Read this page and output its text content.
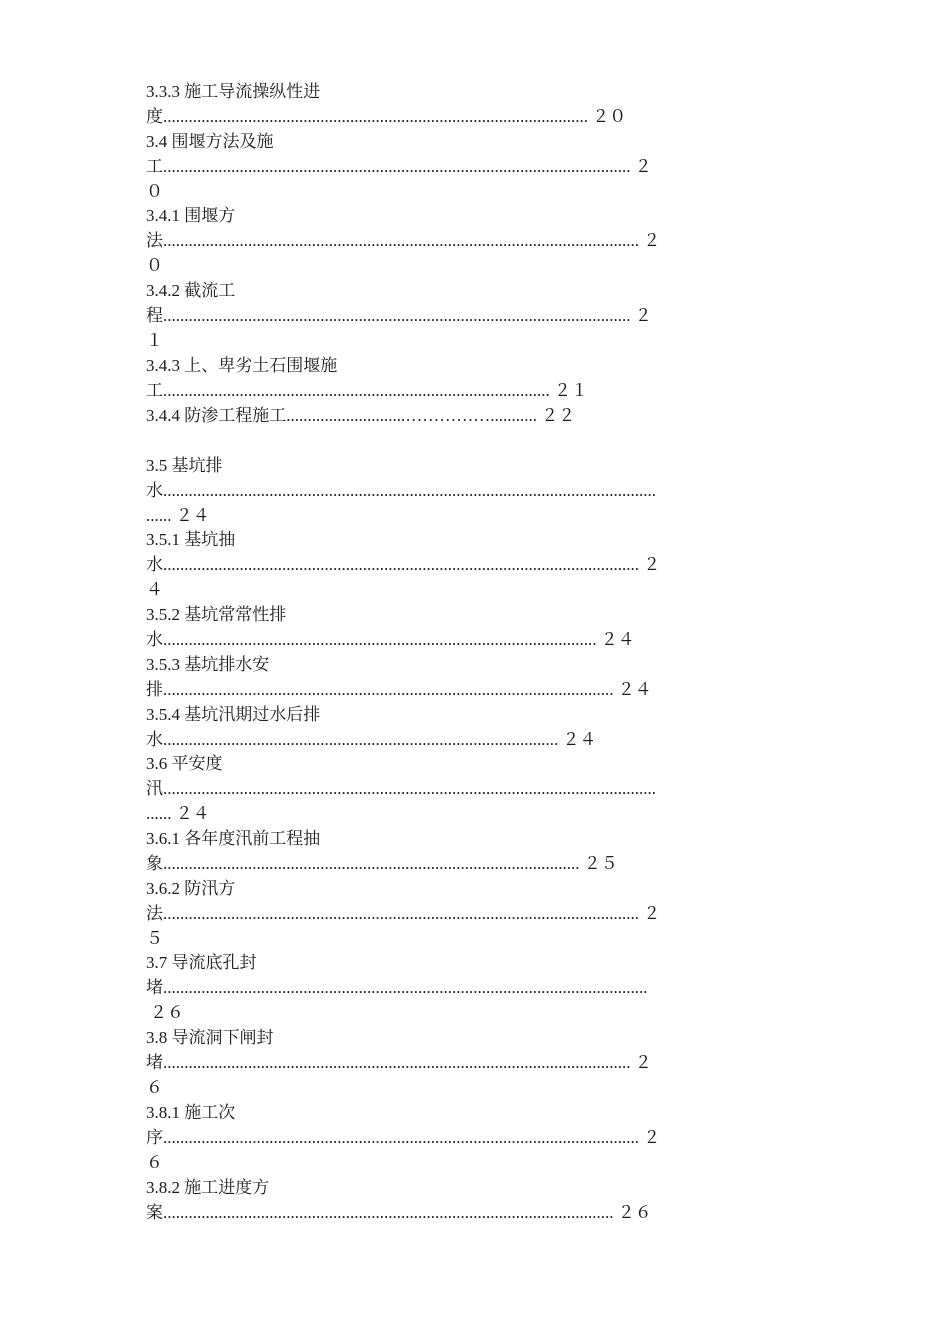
3.3.3 施工导流操纵性进
度.................................................................................................... ２０
3.4 围堰方法及施
工.............................................................................................................. ２
０
3.4.1 围堰方
法................................................................................................................ ２
０
3.4.2 截流工
程.............................................................................................................. ２
１
3.4.3 上、卑劣土石围堰施
工........................................................................................... ２１
3.4.4 防渗工程施工............................……………........... ２２
3.5 基坑排
水....................................................................................................................
...... ２４
3.5.1 基坑抽
水................................................................................................................ ２
４
3.5.2 基坑常常性排
水...................................................................................................... ２４
3.5.3 基坑排水安
排.......................................................................................................... ２４
3.5.4 基坑汛期过水后排
水............................................................................................. ２４
3.6 平安度
汛....................................................................................................................
...... ２４
3.6.1 各年度汛前工程抽
象.................................................................................................. ２５
3.6.2 防汛方
法................................................................................................................ ２
５
3.7 导流底孔封
堵..................................................................................................................
２６
3.8 导流洞下闸封
堵.............................................................................................................. ２
６
3.8.1 施工次
序................................................................................................................ ２
６
3.8.2 施工进度方
案.......................................................................................................... ２６
